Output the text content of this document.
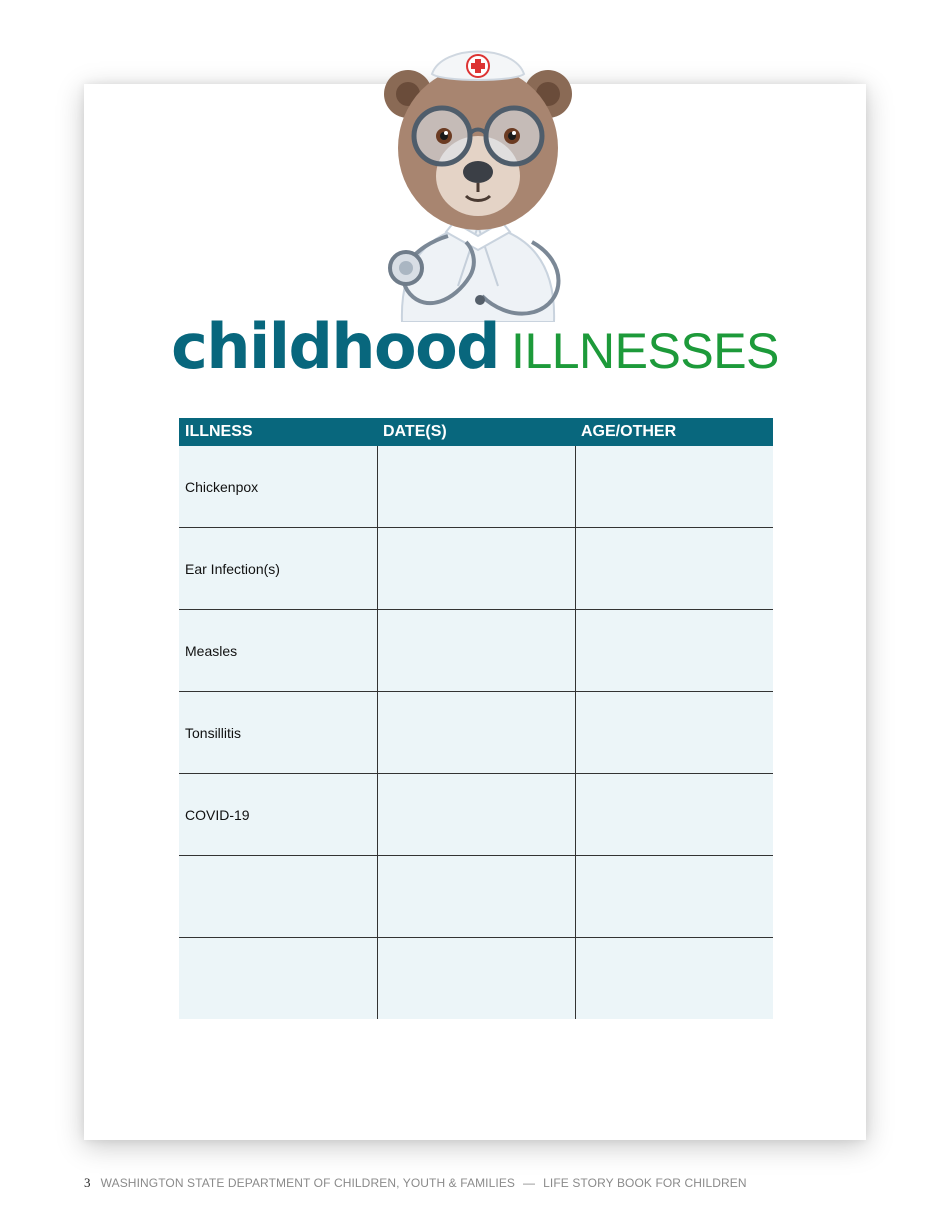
childhood ILLNESSES
ILLNESS	DATE(S)	AGE/OTHER
Chickenpox		
Ear Infection(s)		
Measles		
Tonsillitis		
COVID-19		

3 WASHINGTON STATE DEPARTMENT OF CHILDREN, YOUTH & FAMILIES — LIFE STORY BOOK FOR CHILDREN
